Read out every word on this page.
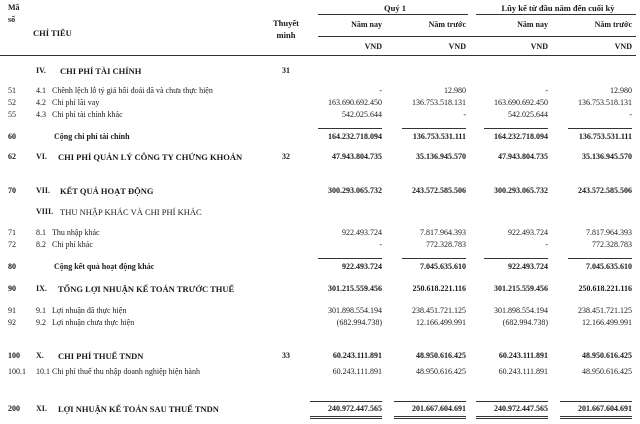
Mã
số
CHỈ TIÊU
Thuyết
minh
Quý 1	Lũy kế từ đầu năm đến cuối kỳ
Năm nay	Năm trước	Năm nay	Năm trước
VND	VND	VND	VND
IV.	CHI PHÍ TÀI CHÍNH	31
51	4.1 Chênh lệch lỗ tỷ giá hối đoái đã và chưa thực hiện	-	12.980	-	12.980
52	4.2 Chi phí lãi vay	163.690.692.450	136.753.518.131	163.690.692.450	136.753.518.131
55	4.3 Chi phí tài chính khác	542.025.644	-	542.025.644	-
60	Cộng chi phí tài chính	164.232.718.094	136.753.531.111	164.232.718.094	136.753.531.111
62	VI.	CHI PHÍ QUẢN LÝ CÔNG TY CHỨNG KHOÁN	32	47.943.804.735	35.136.945.570	47.943.804.735	35.136.945.570
70	VII.	KẾT QUẢ HOẠT ĐỘNG	300.293.065.732	243.572.585.506	300.293.065.732	243.572.585.506
VIII. THU NHẬP KHÁC VÀ CHI PHÍ KHÁC
71	8.1 Thu nhập khác	922.493.724	7.817.964.393	922.493.724	7.817.964.393
72	8.2 Chi phí khác	-	772.328.783	-	772.328.783
80	Cộng kết quả hoạt động khác	922.493.724	7.045.635.610	922.493.724	7.045.635.610
90	IX.	TỔNG LỢI NHUẬN KẾ TOÁN TRƯỚC THUẾ	301.215.559.456	250.618.221.116	301.215.559.456	250.618.221.116
91	9.1 Lợi nhuận đã thực hiện	301.898.554.194	238.451.721.125	301.898.554.194	238.451.721.125
92	9.2 Lợi nhuận chưa thực hiện	(682.994.738)	12.166.499.991	(682.994.738)	12.166.499.991
100	X.	CHI PHÍ THUẾ TNDN	33	60.243.111.891	48.950.616.425	60.243.111.891	48.950.616.425
100.1	10.1 Chi phí thuế thu nhập doanh nghiệp hiện hành	60.243.111.891	48.950.616.425	60.243.111.891	48.950.616.425
200	XI.	LỢI NHUẬN KẾ TOÁN SAU THUẾ TNDN	240.972.447.565	201.667.604.691	240.972.447.565	201.667.604.691
